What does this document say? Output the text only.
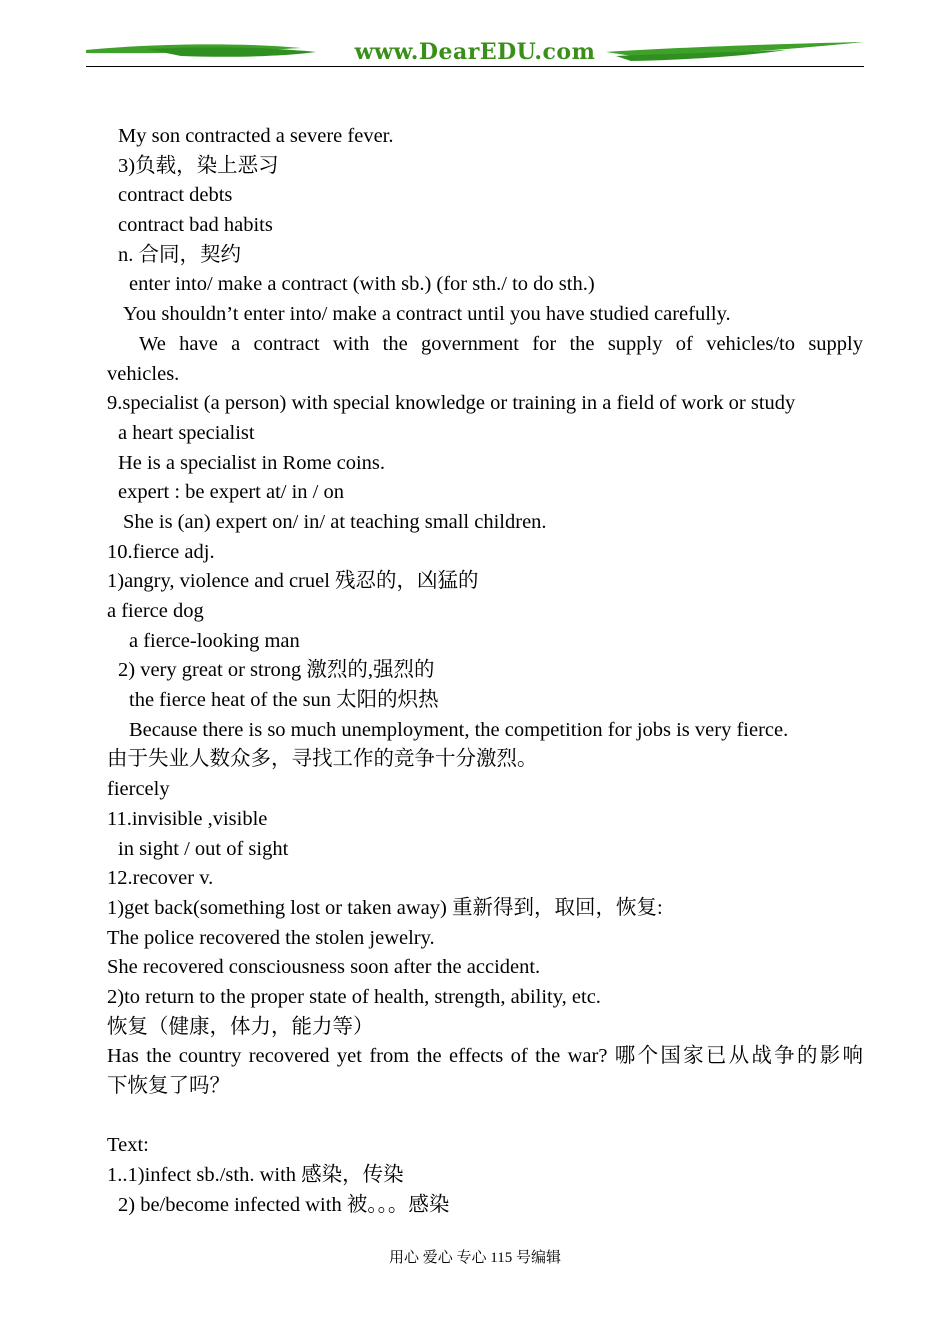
www.DearEDU.com
My son contracted a severe fever.
3)负载，染上恶习
contract debts
contract bad habits
n. 合同，契约
enter into/ make a contract (with sb.) (for sth./ to do sth.)
You shouldn’t enter into/ make a contract until you have studied carefully.
We have a contract with the government for the supply of vehicles/to supply
vehicles.
9.specialist (a person) with special knowledge or training in a field of work or study
a heart specialist
He is a specialist in Rome coins.
expert : be expert at/ in / on
She is (an) expert on/ in/ at teaching small children.
10.fierce adj.
1)angry, violence and cruel 残忍的，凶猛的
a fierce dog
a fierce-looking man
2) very great or strong 激烈的,强烈的
the fierce heat of the sun 太阳的炽热
Because there is so much unemployment, the competition for jobs is very fierce.
由于失业人数众多，寻找工作的竞争十分激烈。
fiercely
11.invisible ,visible
in sight / out of sight
12.recover v.
1)get back(something lost or taken away) 重新得到，取回，恢复:
The police recovered the stolen jewelry.
She recovered consciousness soon after the accident.
2)to return to the proper state of health, strength, ability, etc.
恢复（健康，体力，能力等）
Has the country recovered yet from the effects of the war? 哪个国家已从战争的影响
下恢复了吗？
Text:
1..1)infect sb./sth. with 感染，传染
2) be/become infected with 被。。。感染
用心 爱心 专心 115 号编辑
